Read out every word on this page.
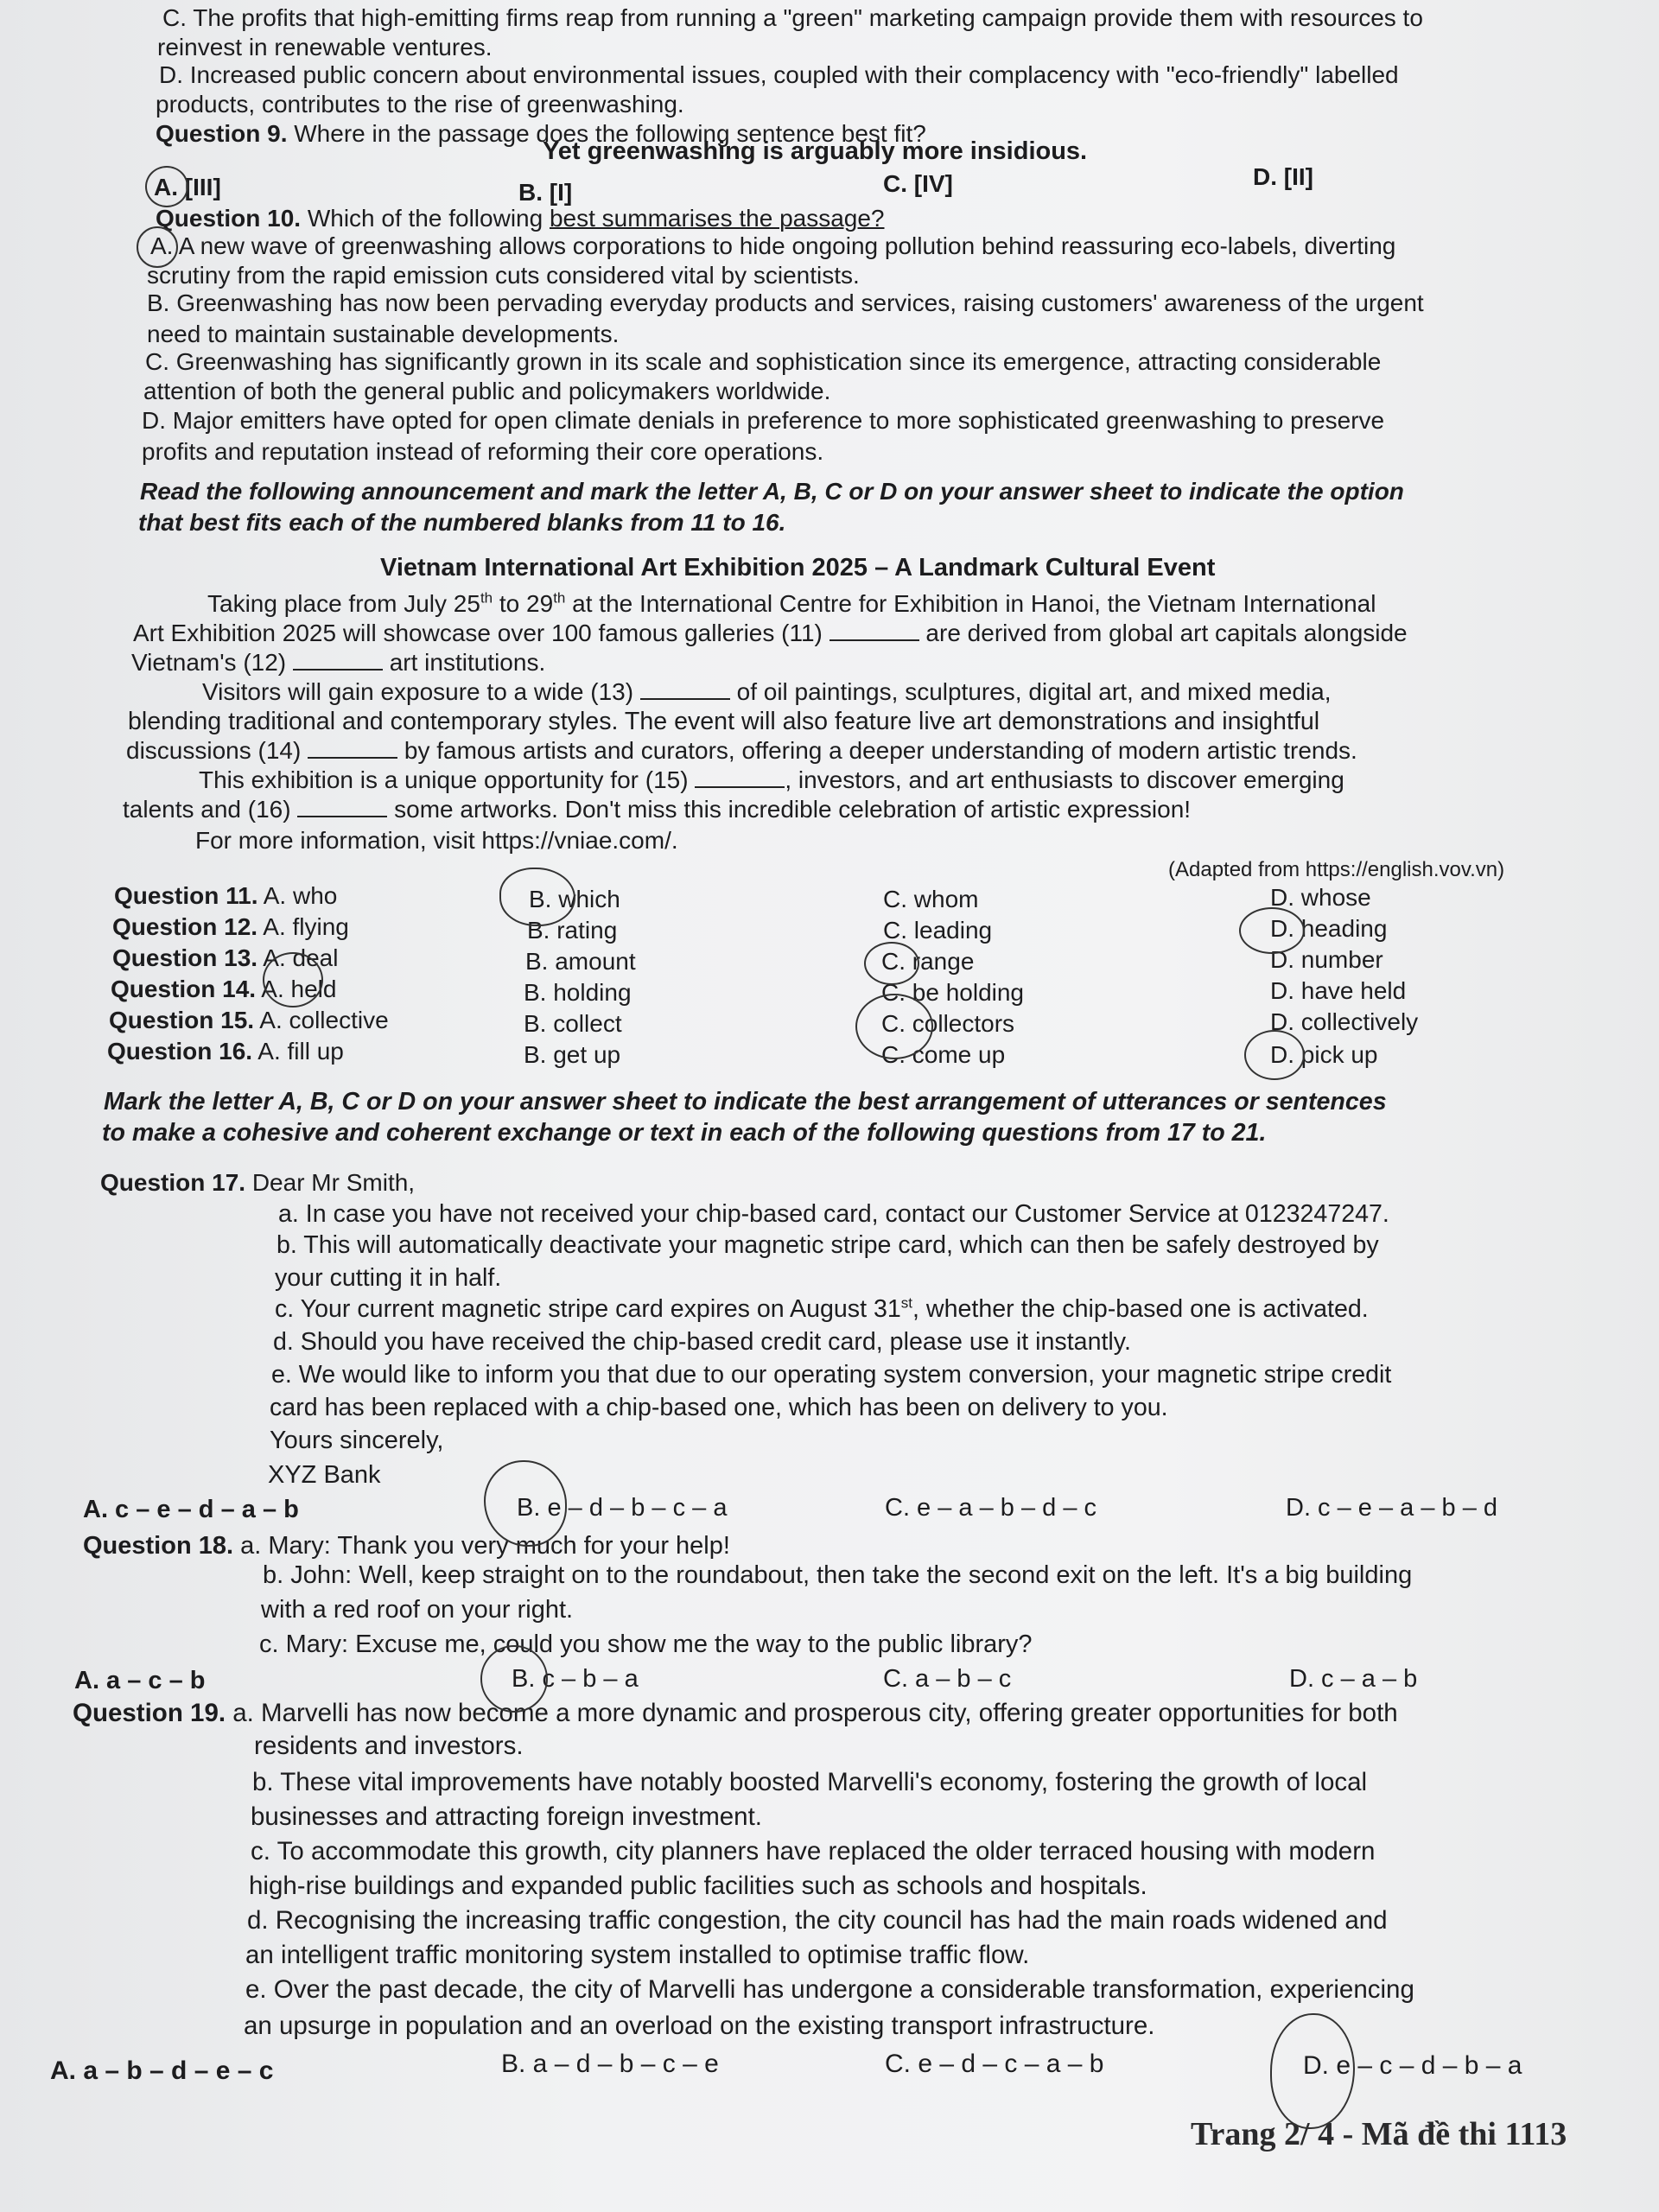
C. The profits that high-emitting firms reap from running a "green" marketing campaign provide them with resources to
reinvest in renewable ventures.
D. Increased public concern about environmental issues, coupled with their complacency with "eco-friendly" labelled
products, contributes to the rise of greenwashing.
Question 9. Where in the passage does the following sentence best fit?
Yet greenwashing is arguably more insidious.
A. [III]	B. [I]	C. [IV]	D. [II]
Question 10. Which of the following best summarises the passage?
A. A new wave of greenwashing allows corporations to hide ongoing pollution behind reassuring eco-labels, diverting
scrutiny from the rapid emission cuts considered vital by scientists.
B. Greenwashing has now been pervading everyday products and services, raising customers' awareness of the urgent
need to maintain sustainable developments.
C. Greenwashing has significantly grown in its scale and sophistication since its emergence, attracting considerable
attention of both the general public and policymakers worldwide.
D. Major emitters have opted for open climate denials in preference to more sophisticated greenwashing to preserve
profits and reputation instead of reforming their core operations.
Read the following announcement and mark the letter A, B, C or D on your answer sheet to indicate the option
that best fits each of the numbered blanks from 11 to 16.
Vietnam International Art Exhibition 2025 – A Landmark Cultural Event
Taking place from July 25th to 29th at the International Centre for Exhibition in Hanoi, the Vietnam International
Art Exhibition 2025 will showcase over 100 famous galleries (11)	are derived from global art capitals alongside
Vietnam's (12)	art institutions.
Visitors will gain exposure to a wide (13)	of oil paintings, sculptures, digital art, and mixed media,
blending traditional and contemporary styles. The event will also feature live art demonstrations and insightful
discussions (14)	by famous artists and curators, offering a deeper understanding of modern artistic trends.
This exhibition is a unique opportunity for (15)	, investors, and art enthusiasts to discover emerging
talents and (16)	some artworks. Don't miss this incredible celebration of artistic expression!
For more information, visit https://vniae.com/.
(Adapted from https://english.vov.vn)
Question 11. A. who	B. which	C. whom	D. whose
Question 12. A. flying	B. rating	C. leading	D. heading
Question 13. A. deal	B. amount	C. range	D. number
Question 14. A. held	B. holding	C. be holding	D. have held
Question 15. A. collective	B. collect	C. collectors	D. collectively
Question 16. A. fill up	B. get up	C. come up	D. pick up
Mark the letter A, B, C or D on your answer sheet to indicate the best arrangement of utterances or sentences
to make a cohesive and coherent exchange or text in each of the following questions from 17 to 21.
Question 17. Dear Mr Smith,
a. In case you have not received your chip-based card, contact our Customer Service at 0123247247.
b. This will automatically deactivate your magnetic stripe card, which can then be safely destroyed by
your cutting it in half.
c. Your current magnetic stripe card expires on August 31st, whether the chip-based one is activated.
d. Should you have received the chip-based credit card, please use it instantly.
e. We would like to inform you that due to our operating system conversion, your magnetic stripe credit
card has been replaced with a chip-based one, which has been on delivery to you.
Yours sincerely,
XYZ Bank
A. c – e – d – a – b	B. e – d – b – c – a	C. e – a – b – d – c	D. c – e – a – b – d
Question 18. a. Mary: Thank you very much for your help!
b. John: Well, keep straight on to the roundabout, then take the second exit on the left. It's a big building
with a red roof on your right.
c. Mary: Excuse me, could you show me the way to the public library?
A. a – c – b	B. c – b – a	C. a – b – c	D. c – a – b
Question 19. a. Marvelli has now become a more dynamic and prosperous city, offering greater opportunities for both
residents and investors.
b. These vital improvements have notably boosted Marvelli's economy, fostering the growth of local
businesses and attracting foreign investment.
c. To accommodate this growth, city planners have replaced the older terraced housing with modern
high-rise buildings and expanded public facilities such as schools and hospitals.
d. Recognising the increasing traffic congestion, the city council has had the main roads widened and
an intelligent traffic monitoring system installed to optimise traffic flow.
e. Over the past decade, the city of Marvelli has undergone a considerable transformation, experiencing
an upsurge in population and an overload on the existing transport infrastructure.
A. a – b – d – e – c	B. a – d – b – c – e	C. e – d – c – a – b	D. e – c – d – b – a
Trang 2/ 4 - Mã đề thi 1113
